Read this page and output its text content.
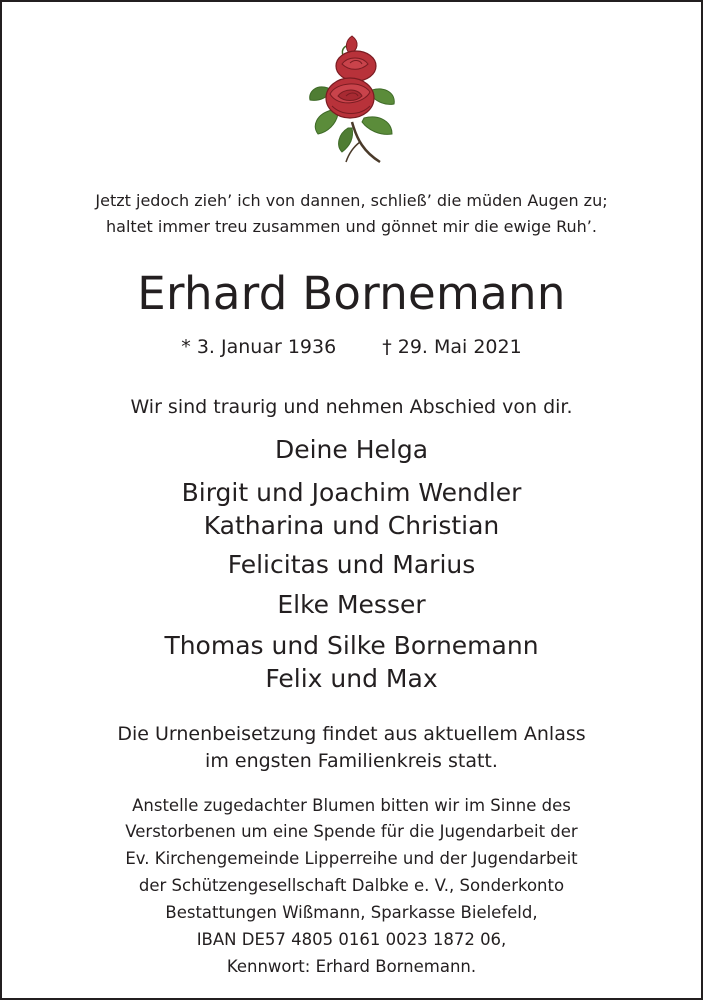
Jetzt jedoch zieh’ ich von dannen, schließ’ die müden Augen zu;
haltet immer treu zusammen und gönnet mir die ewige Ruh’.
Erhard Bornemann
* 3. Januar 1936 † 29. Mai 2021
Wir sind traurig und nehmen Abschied von dir.
Deine Helga
Birgit und Joachim Wendler
Katharina und Christian
Felicitas und Marius
Elke Messer
Thomas und Silke Bornemann
Felix und Max
Die Urnenbeisetzung findet aus aktuellem Anlass
im engsten Familienkreis statt.
Anstelle zugedachter Blumen bitten wir im Sinne des
Verstorbenen um eine Spende für die Jugendarbeit der
Ev. Kirchengemeinde Lipperreihe und der Jugendarbeit
der Schützengesellschaft Dalbke e. V., Sonderkonto
Bestattungen Wißmann, Sparkasse Bielefeld,
IBAN DE57 4805 0161 0023 1872 06,
Kennwort: Erhard Bornemann.
